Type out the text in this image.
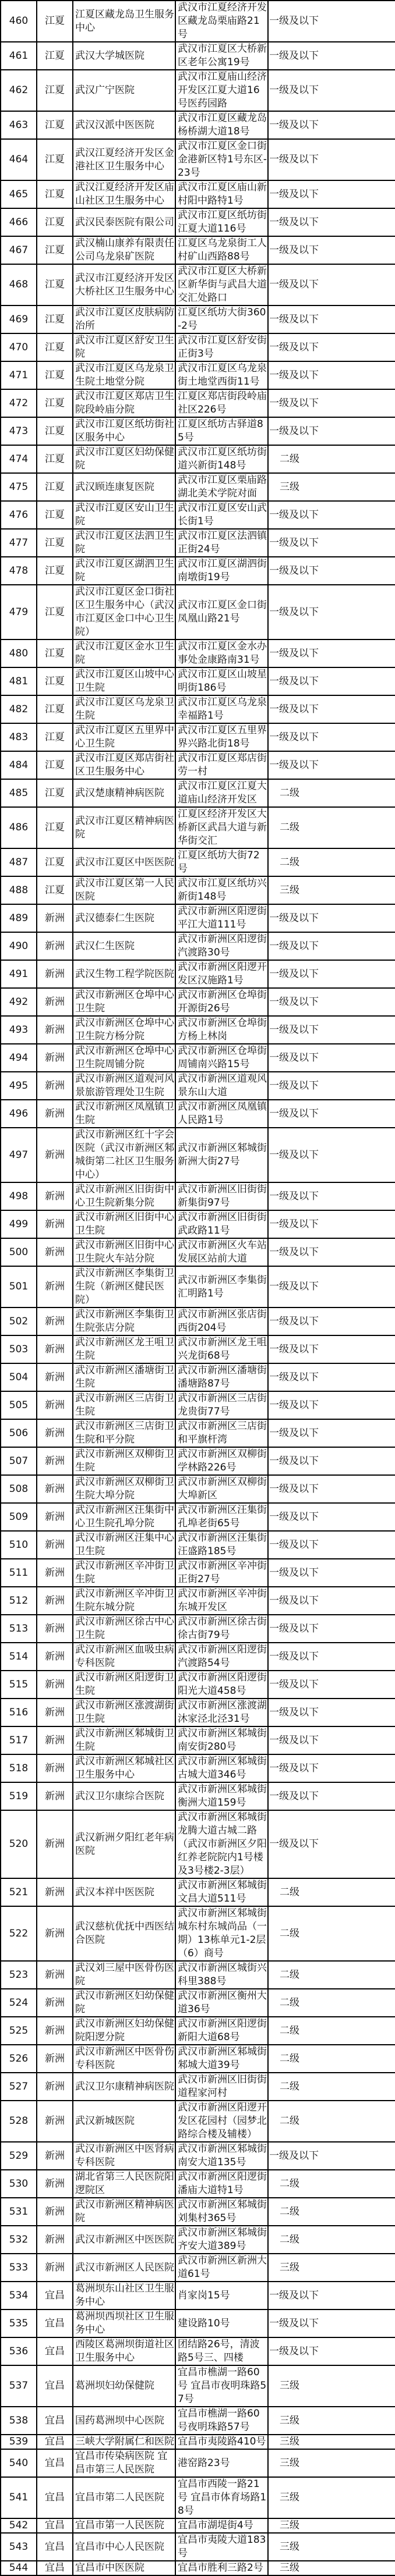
460	江夏	江夏区藏龙岛卫生服务中心	武汉市江夏经济开发区藏龙岛栗庙路21号	一级及以下
461	江夏	武汉大学城医院	武汉市江夏区大桥新区老年公寓19号	一级及以下
462	江夏	武汉广宁医院	武汉市江夏庙山经济开发区江夏大道16号医药园路	一级及以下
463	江夏	武汉汉派中医医院	武汉市江夏区藏龙岛杨桥湖大道18号	一级及以下
464	江夏	武汉江夏经济开发区金港社区卫生服务中心	武汉市江夏区金口街金港新区特1号东区-23号	一级及以下
465	江夏	武汉江夏经济开发区庙山社区卫生服务中心	武汉市江夏区庙山新村阳中路特1号	一级及以下
466	江夏	武汉民泰医院有限公司	武汉市江夏区纸坊街江夏大道116号	一级及以下
467	江夏	武汉楠山康养有限责任公司乌龙泉矿医院	江夏区乌龙泉街工人村矿山西路88号	一级及以下
468	江夏	武汉市江夏经济开发区大桥社区卫生服务中心	武汉市江夏区大桥新区新华街与武昌大道交汇处路口	一级及以下
469	江夏	武汉市江夏区皮肤病防治所	江夏区纸坊大街360-2号	一级及以下
470	江夏	武汉市江夏区舒安卫生院	武汉市江夏区舒安街正街3号	一级及以下
471	江夏	武汉市江夏区乌龙泉卫生院土地堂分院	武汉市江夏区乌龙泉街土地堂西街11号	一级及以下
472	江夏	武汉市江夏区郑店卫生院段岭庙分院	江夏区郑店街段岭庙社区226号	一级及以下
473	江夏	武汉市江夏区纸坊街社区服务中心	江夏区纸坊古驿道85号	一级及以下
474	江夏	武汉市江夏区妇幼保健院	武汉市江夏区纸坊街道兴新街148号	二级
475	江夏	武汉顾连康复医院	武汉市江夏区栗庙路湖北美术学院对面	三级
476	江夏	武汉市江夏区安山卫生院	武汉市江夏区安山武长街1号	一级及以下
477	江夏	武汉市江夏区法泗卫生院	武汉市江夏区法泗镇正街24号	一级及以下
478	江夏	武汉市江夏区湖泗卫生院	武汉市江夏区湖泗街南墩街19号	一级及以下
479	江夏	武汉市江夏区金口街社区卫生服务中心（武汉市江夏区金口中心卫生院）	武汉市江夏区金口街凤凰山路21号	一级及以下
480	江夏	武汉市江夏区金水卫生院	武汉市江夏区金水办事处金康路南31号	一级及以下
481	江夏	武汉市江夏区山坡中心卫生院	武汉市江夏区山坡星明街186号	一级及以下
482	江夏	武汉市江夏区乌龙泉卫生院	武汉市江夏区乌龙泉幸福路1号	一级及以下
483	江夏	武汉市江夏区五里界中心卫生院	武汉市江夏区五里界界兴路北街18号	一级及以下
484	江夏	武汉市江夏区郑店街社区卫生服务中心	武汉市江夏区郑店街劳一村	一级及以下
485	江夏	武汉楚康精神病医院	武汉市江夏区江夏大道庙山经济开发区	二级
486	江夏	武汉市江夏区精神病医院	江夏区经济开发区大桥新区武昌大道与新华街交汇	二级
487	江夏	武汉市江夏区中医医院	江夏区纸坊大街72号	二级
488	江夏	武汉市江夏区第一人民医院	武汉市江夏区纸坊兴新街148号	三级
489	新洲	武汉德泰仁生医院	武汉市新洲区阳逻街平江大道111号	一级及以下
490	新洲	武汉仁生医院	武汉市新洲区阳逻街汽渡路30号	一级及以下
491	新洲	武汉生物工程学院医院	武汉市新洲区阳逻开发区汉施路1号	一级及以下
492	新洲	武汉市新洲区仓埠中心卫生院	武汉市新洲区仓埠街开源街26号	一级及以下
493	新洲	武汉市新洲区仓埠中心卫生院方杨分院	武汉市新洲区仓埠街方杨上林岗	一级及以下
494	新洲	武汉市新洲区仓埠中心卫生院周铺分院	武汉市新洲区仓埠街周铺南兴路15号	一级及以下
495	新洲	武汉市新洲区道观河风景旅游管理处卫生院	武汉市新洲区道观风景东山大道	一级及以下
496	新洲	武汉市新洲区凤凰镇卫生院	武汉市新洲区凤凰镇人民路1号	一级及以下
497	新洲	武汉市新洲区红十字会医院（武汉市新洲区邾城街第二社区卫生服务中心）	武汉市新洲区邾城街新洲大街27号	一级及以下
498	新洲	武汉市新洲区旧街街中心卫生院新集分院	武汉市新洲区旧街街新集街97号	一级及以下
499	新洲	武汉市新洲区旧街中心卫生院	武汉市新洲区旧街街武政路11号	一级及以下
500	新洲	武汉市新洲区旧街中心卫生院火车站分院	武汉市新洲区火车站发展区站前大道	一级及以下
501	新洲	武汉市新洲区李集街卫生院（新洲区健民医院）	武汉市新洲区李集街汇明路1号	一级及以下
502	新洲	武汉市新洲区李集街卫生院张店分院	武汉市新洲区张店街西街204号	一级及以下
503	新洲	武汉市新洲区龙王咀卫生院	武汉市新洲区龙王咀兴龙街68号	一级及以下
504	新洲	武汉市新洲区潘塘街卫生院	武汉市新洲区潘塘街潘塘路87号	一级及以下
505	新洲	武汉市新洲区三店街卫生院	武汉市新洲区三店街龙贵街77号	一级及以下
506	新洲	武汉市新洲区三店街卫生院和平分院	武汉市新洲区三店街和平旗杆湾	一级及以下
507	新洲	武汉市新洲区双柳街卫生院	武汉市新洲区双柳街学林路226号	一级及以下
508	新洲	武汉市新洲区双柳街卫生院大埠分院	武汉市新洲区双柳街大埠新区	一级及以下
509	新洲	武汉市新洲区汪集街中心卫生院孔埠分院	武汉市新洲区汪集街孔埠老街65号	一级及以下
510	新洲	武汉市新洲区汪集中心卫生院	武汉市新洲区汪集街汪盛路185号	一级及以下
511	新洲	武汉市新洲区辛冲街卫生院	武汉市新洲区辛冲街正街27号	一级及以下
512	新洲	武汉市新洲区辛冲街卫生院东城分院	武汉市新洲区辛冲街东城开发区	一级及以下
513	新洲	武汉市新洲区徐古中心卫生院	武汉市新洲区徐古街徐古街79号	一级及以下
514	新洲	武汉市新洲区血吸虫病专科医院	武汉市新洲区阳逻街汽渡路54号	一级及以下
515	新洲	武汉市新洲区阳逻街卫生院	武汉市新洲区阳逻街阳光大道458号	一级及以下
516	新洲	武汉市新洲区涨渡湖街卫生院	武汉市新洲区涨渡湖沐家泾北泾31号	一级及以下
517	新洲	武汉市新洲区邾城街卫生院	武汉市新洲区邾城街南安街280号	一级及以下
518	新洲	武汉市新洲区邾城社区卫生服务中心	武汉市新洲区邾城街古城大道346号	一级及以下
519	新洲	武汉卫尔康综合医院	武汉市新洲区邾城街衡洲大道159号	一级及以下
520	新洲	武汉新洲夕阳红老年病医院	武汉市新洲区邾城街龙腾大道古城二路（武汉市新洲区夕阳红养老院院内1号楼及3号楼2-3层）	一级及以下
521	新洲	武汉本祥中医医院	武汉市新洲区邾城街文昌大道511号	二级
522	新洲	武汉慈杭优抚中西医结合医院	武汉市新洲区邾城街城东村东城尚品（一期）13栋单元1-2层（6）商号	二级
523	新洲	武汉刘三屋中医骨伤医院	武汉市新洲区城街兴科里388号	二级
524	新洲	武汉市新洲区妇幼保健院	武汉市新洲区衡州大道36号	二级
525	新洲	武汉市新洲区妇幼保健院阳逻分院	武汉市新洲区阳逻街新阳大道68号	二级
526	新洲	武汉市新洲区中医骨伤专科医院	武汉市新洲区邾城街邾城大道39号	二级
527	新洲	武汉卫尔康精神病医院	武汉市新洲区旧街街道程家河村	二级
528	新洲	武汉新城医院	武汉市新洲区阳逻开发区花园村（园梦北路综合楼及辅楼）	二级
529	新洲	武汉市新洲区中医肾病专科医院	武汉市新洲区邾城街南安大道135号	一级及以下
530	新洲	湖北省第三人民医院阳逻院区	武汉市新洲区阳逻街潘庙大道特1号	二级
531	新洲	武汉市新洲区精神病医院	武汉市新洲区邾城街刘集村365号	二级
532	新洲	武汉市新洲区中医医院	武汉市新洲区邾城街齐安大道389号	二级
533	新洲	武汉市新洲区人民医院	武汉市新洲区新洲大道61号	三级
534	宜昌	葛洲坝东山社区卫生服务中心	肖家岗15号	一级及以下
535	宜昌	葛洲坝西坝社区卫生服务中心	建设路10号	一级及以下
536	宜昌	西陵区葛洲坝街道社区卫生服务中心	团结路26号，清波路5号三、四楼	一级及以下
537	宜昌	葛洲坝妇幼保健院	宜昌市樵湖一路60号 宜昌市夜明珠路57号	三级
538	宜昌	国药葛洲坝中心医院	宜昌市樵湖一路60号夜明珠路57号	三级
539	宜昌	三峡大学附属仁和医院	宜昌市夷陵路410号	三级
540	宜昌	宜昌市传染病医院 宜昌市第三人民医院	港窑路23号	三级
541	宜昌	宜昌市第二人民医院	宜昌市西陵一路21号 宜昌市体育场路18号	三级
542	宜昌	宜昌市第一人民医院	宜昌市湖堤街4号	三级
543	宜昌	宜昌市中心人民医院	宜昌市夷陵大道183号	三级
544	宜昌	宜昌市中医医院	宜昌市胜利三路2号	三级
